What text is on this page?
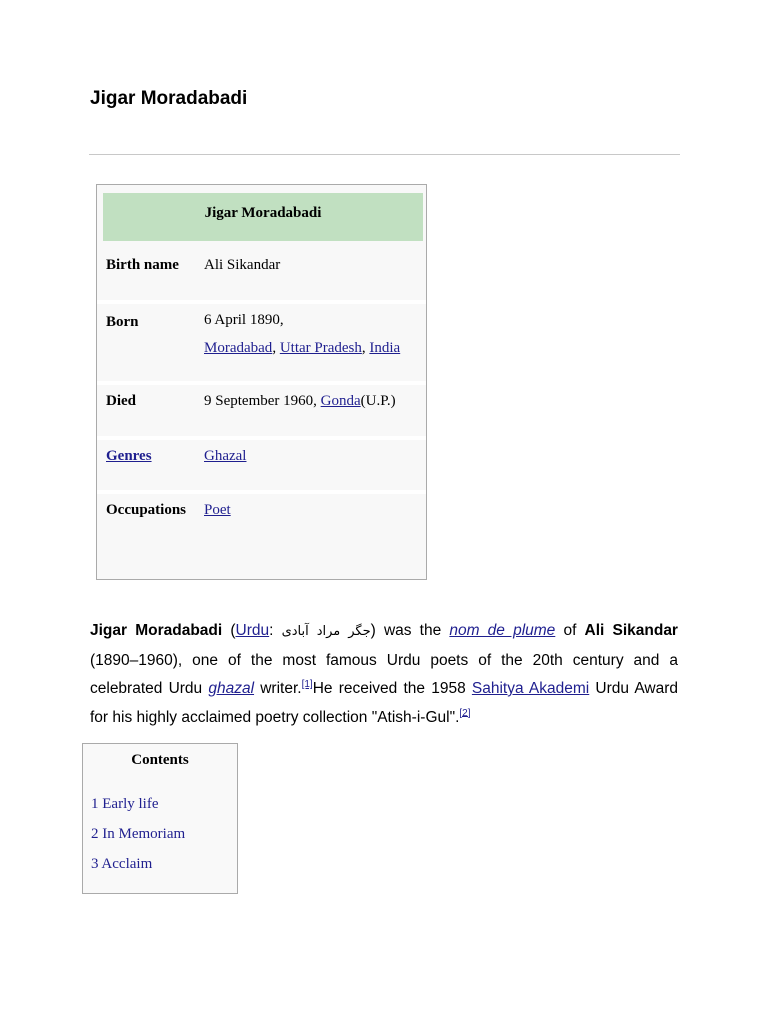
Jigar Moradabadi
Jigar Moradabadi
Birth name Ali Sikandar
Born	6 April 1890,
Moradabad, Uttar Pradesh, India
Died	9 September 1960, Gonda(U.P.)
Genres	Ghazal
Occupations Poet
Jigar Moradabadi (Urdu: جگر مراد آبادی) was the nom de plume of Ali Sikandar (1890–1960), one of the most famous Urdu poets of the 20th century and a celebrated Urdu ghazal writer.[1]He received the 1958 Sahitya Akademi Urdu Award for his highly acclaimed poetry collection "Atish-i-Gul".[2]
Contents
1 Early life
2 In Memoriam
3 Acclaim
